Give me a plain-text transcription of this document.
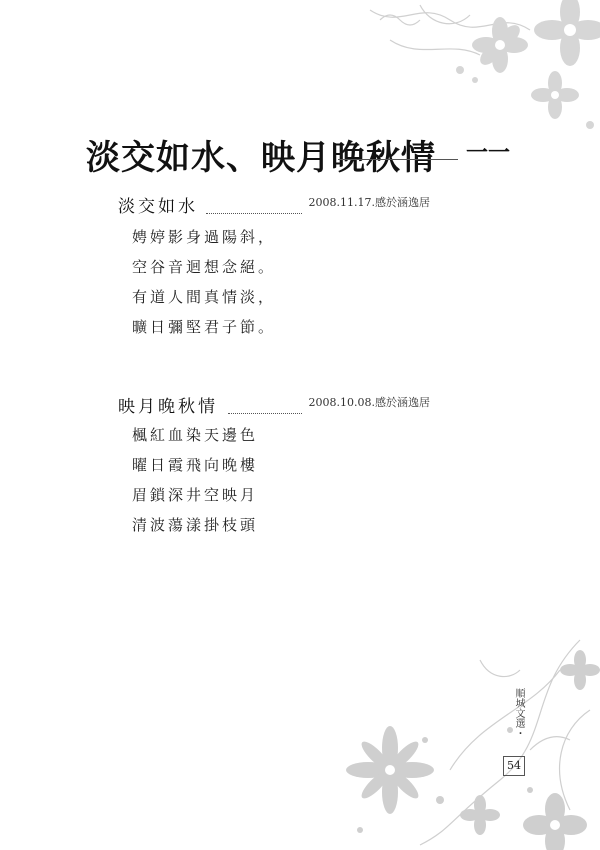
淡交如水、映月晚秋情 一一
淡交如水	2008.11.17.感於涵逸居
娉婷影身過陽斜，
空谷音迴想念絕。
有道人間真情淡，
曠日彌堅君子節。
映月晚秋情	2008.10.08.感於涵逸居
楓紅血染天邊色
曜日霞飛向晚樓
眉鎖深井空映月
清波蕩漾掛枝頭
順城文選・
54
